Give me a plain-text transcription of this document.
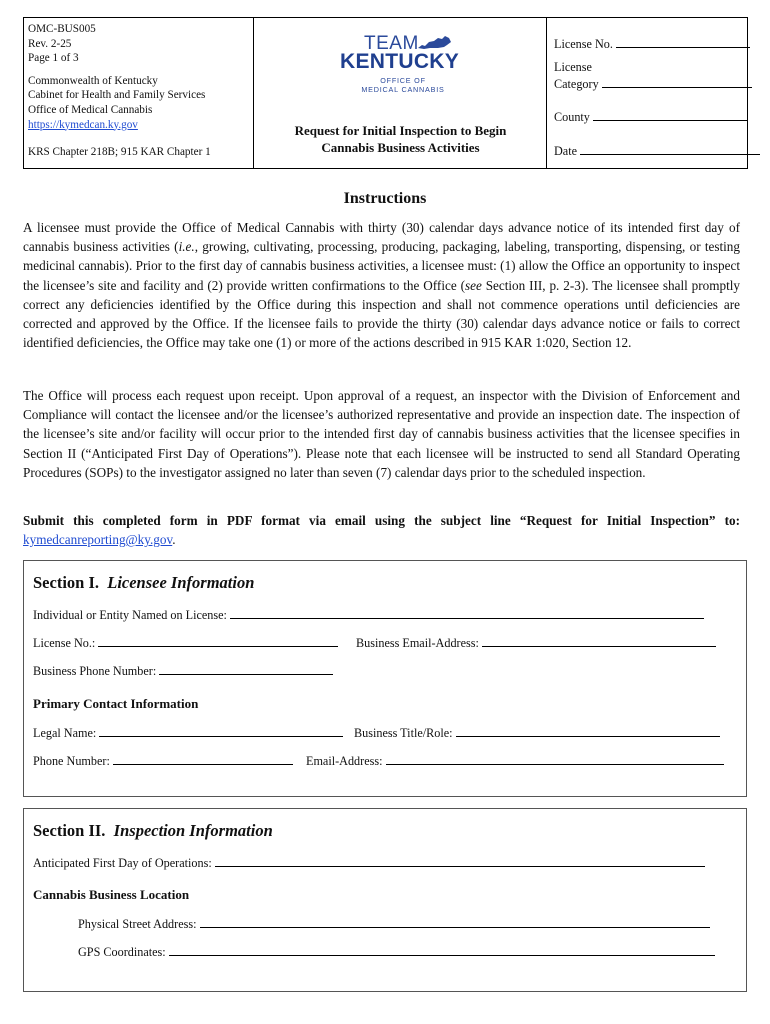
OMC-BUS005
Rev. 2-25
Page 1 of 3
Commonwealth of Kentucky
Cabinet for Health and Family Services
Office of Medical Cannabis
https://kymedcan.ky.gov
KRS Chapter 218B; 915 KAR Chapter 1
TEAM
KENTUCKY
OFFICE OF
MEDICAL CANNABIS
Request for Initial Inspection to Begin
Cannabis Business Activities
License No.
License
Category
County
Date
Instructions
A licensee must provide the Office of Medical Cannabis with thirty (30) calendar days advance notice of its intended first day of cannabis business activities (i.e., growing, cultivating, processing, producing, packaging, labeling, transporting, dispensing, or testing medicinal cannabis). Prior to the first day of cannabis business activities, a licensee must: (1) allow the Office an opportunity to inspect the licensee’s site and facility and (2) provide written confirmations to the Office (see Section III, p. 2-3). The licensee shall promptly correct any deficiencies identified by the Office during this inspection and shall not commence operations until deficiencies are corrected and approved by the Office. If the licensee fails to provide the thirty (30) calendar days advance notice or fails to correct identified deficiencies, the Office may take one (1) or more of the actions described in 915 KAR 1:020, Section 12.
The Office will process each request upon receipt. Upon approval of a request, an inspector with the Division of Enforcement and Compliance will contact the licensee and/or the licensee’s authorized representative and provide an inspection date. The inspection of the licensee’s site and/or facility will occur prior to the intended first day of cannabis business activities that the licensee specifies in Section II (“Anticipated First Day of Operations”). Please note that each licensee will be instructed to send all Standard Operating Procedures (SOPs) to the investigator assigned no later than seven (7) calendar days prior to the scheduled inspection.
Submit this completed form in PDF format via email using the subject line “Request for Initial Inspection” to: kymedcanreporting@ky.gov.
Section I. Licensee Information
Individual or Entity Named on License:
License No.:	Business Email-Address:
Business Phone Number:
Primary Contact Information
Legal Name:	Business Title/Role:
Phone Number:	Email-Address:
Section II. Inspection Information
Anticipated First Day of Operations:
Cannabis Business Location
Physical Street Address:
GPS Coordinates:
